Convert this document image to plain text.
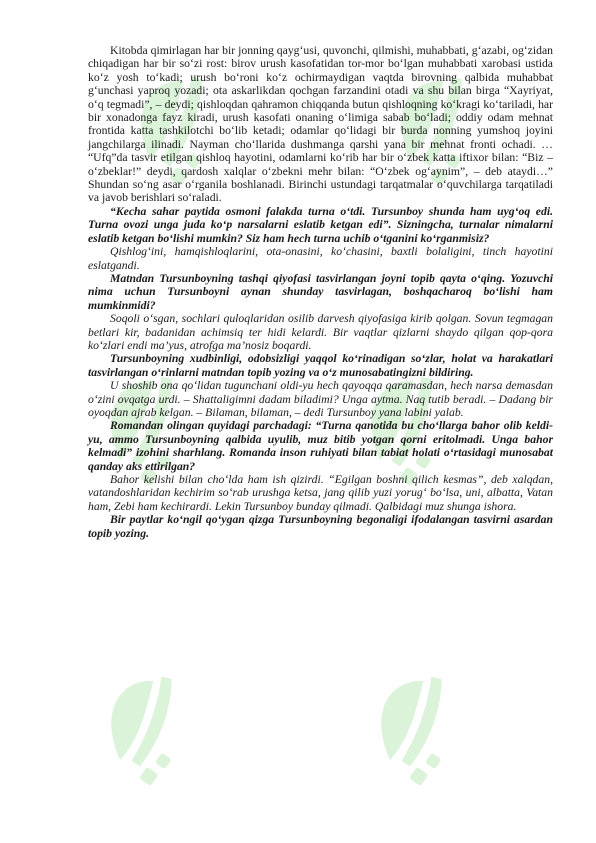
Kitobda qimirlagan har bir jonning qayg‘usi, quvonchi, qilmishi, muhabbati, g‘azabi, og‘zidan chiqadigan har bir so‘zi rost: birov urush kasofatidan tor-mor bo‘lgan muhabbati xarobasi ustida ko‘z yosh to‘kadi; urush bo‘roni ko‘z ochirmaydigan vaqtda birovning qalbida muhabbat g‘unchasi yaproq yozadi; ota askarlikdan qochgan farzandini otadi va shu bilan birga “Xayriyat, o‘q tegmadi”, – deydi; qishloqdan qahramon chiqqanda butun qishloqning ko‘kragi ko‘tariladi, har bir xonadonga fayz kiradi, urush kasofati onaning o‘limiga sabab bo‘ladi; oddiy odam mehnat frontida katta tashkilotchi bo‘lib ketadi; odamlar qo‘lidagi bir burda nonning yumshoq joyini jangchilarga ilinadi. Nayman cho‘llarida dushmanga qarshi yana bir mehnat fronti ochadi. … “Ufq”da tasvir etilgan qishloq hayotini, odamlarni ko‘rib har bir o‘zbek katta iftixor bilan: “Biz – o‘zbeklar!” deydi, qardosh xalqlar o‘zbekni mehr bilan: “O‘zbek og‘aynim”, – deb ataydi…” Shundan so‘ng asar o‘rganila boshlanadi. Birinchi ustundagi tarqatmalar o‘quvchilarga tarqatiladi va javob berishlari so‘raladi.

“Kecha sahar paytida osmoni falakda turna o‘tdi. Tursunboy shunda ham uyg‘oq edi. Turna ovozi unga juda ko‘p narsalarni eslatib ketgan edi”. Sizningcha, turnalar nimalarni eslatib ketgan bo‘lishi mumkin? Siz ham hech turna uchib o‘tganini ko‘rganmisiz?

Qishlog‘ini, hamqishloqlarini, ota-onasini, ko‘chasini, baxtli bolaligini, tinch hayotini eslatgandi.

Matndan Tursunboyning tashqi qiyofasi tasvirlangan joyni topib qayta o‘qing. Yozuvchi nima uchun Tursunboyni aynan shunday tasvirlagan, boshqacharoq bo‘lishi ham mumkinmidi?

Soqoli o‘sgan, sochlari quloqlaridan osilib darvesh qiyofasiga kirib qolgan. Sovun tegmagan betlari kir, badanidan achimsiq ter hidi kelardi. Bir vaqtlar qizlarni shaydo qilgan qop-qora ko‘zlari endi ma’yus, atrofga ma’nosiz boqardi.

Tursunboyning xudbinligi, odobsizligi yaqqol ko‘rinadigan so‘zlar, holat va harakatlari tasvirlangan o‘rinlarni matndan topib yozing va o‘z munosabatingizni bildiring.

U shoshib ona qo‘lidan tugunchani oldi-yu hech qayoqqa qaramasdan, hech narsa demasdan o‘zini ovqatga urdi. – Shattaligimni dadam biladimi? Unga aytma. Naq tutib beradi. – Dadang bir oyoqdan ajrab kelgan. – Bilaman, bilaman, – dedi Tursunboy yana labini yalab.

Romandan olingan quyidagi parchadagi: “Turna qanotida bu cho‘llarga bahor olib keldi-yu, ammo Tursunboyning qalbida uyulib, muz bitib yotgan qorni eritolmadi. Unga bahor kelmadi” izohini sharhlang. Romanda inson ruhiyati bilan tabiat holati o‘rtasidagi munosabat qanday aks ettirilgan?

Bahor kelishi bilan cho‘lda ham ish qizirdi. “Egilgan boshni qilich kesmas”, deb xalqdan, vatandoshlaridan kechirim so‘rab urushga ketsa, jang qilib yuzi yorug‘ bo‘lsa, uni, albatta, Vatan ham, Zebi ham kechirardi. Lekin Tursunboy bunday qilmadi. Qalbidagi muz shunga ishora.

Bir paytlar ko‘ngil qo‘ygan qizga Tursunboyning begonaligi ifodalangan tasvirni asardan topib yozing.
